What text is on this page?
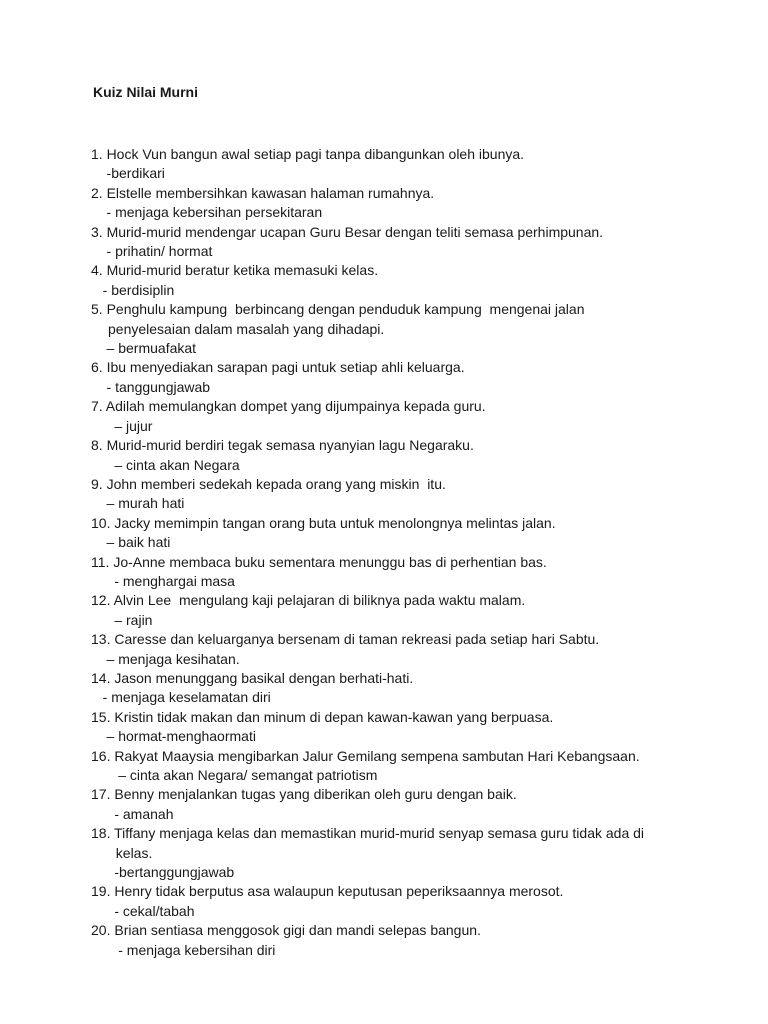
Kuiz Nilai Murni
1. Hock Vun bangun awal setiap pagi tanpa dibangunkan oleh ibunya.
-berdikari
2. Elstelle membersihkan kawasan halaman rumahnya.
- menjaga kebersihan persekitaran
3. Murid-murid mendengar ucapan Guru Besar dengan teliti semasa perhimpunan.
- prihatin/ hormat
4. Murid-murid beratur ketika memasuki kelas.
- berdisiplin
5. Penghulu kampung  berbincang dengan penduduk kampung  mengenai jalan
penyelesaian dalam masalah yang dihadapi.
– bermuafakat
6. Ibu menyediakan sarapan pagi untuk setiap ahli keluarga.
- tanggungjawab
7. Adilah memulangkan dompet yang dijumpainya kepada guru.
– jujur
8. Murid-murid berdiri tegak semasa nyanyian lagu Negaraku.
– cinta akan Negara
9. John memberi sedekah kepada orang yang miskin  itu.
– murah hati
10. Jacky memimpin tangan orang buta untuk menolongnya melintas jalan.
– baik hati
11. Jo-Anne membaca buku sementara menunggu bas di perhentian bas.
- menghargai masa
12. Alvin Lee  mengulang kaji pelajaran di biliknya pada waktu malam.
– rajin
13. Caresse dan keluarganya bersenam di taman rekreasi pada setiap hari Sabtu.
– menjaga kesihatan.
14. Jason menunggang basikal dengan berhati-hati.
- menjaga keselamatan diri
15. Kristin tidak makan dan minum di depan kawan-kawan yang berpuasa.
– hormat-menghaormati
16. Rakyat Maaysia mengibarkan Jalur Gemilang sempena sambutan Hari Kebangsaan.
– cinta akan Negara/ semangat patriotism
17. Benny menjalankan tugas yang diberikan oleh guru dengan baik.
- amanah
18. Tiffany menjaga kelas dan memastikan murid-murid senyap semasa guru tidak ada di
kelas.
-bertanggungjawab
19. Henry tidak berputus asa walaupun keputusan peperiksaannya merosot.
- cekal/tabah
20. Brian sentiasa menggosok gigi dan mandi selepas bangun.
- menjaga kebersihan diri
